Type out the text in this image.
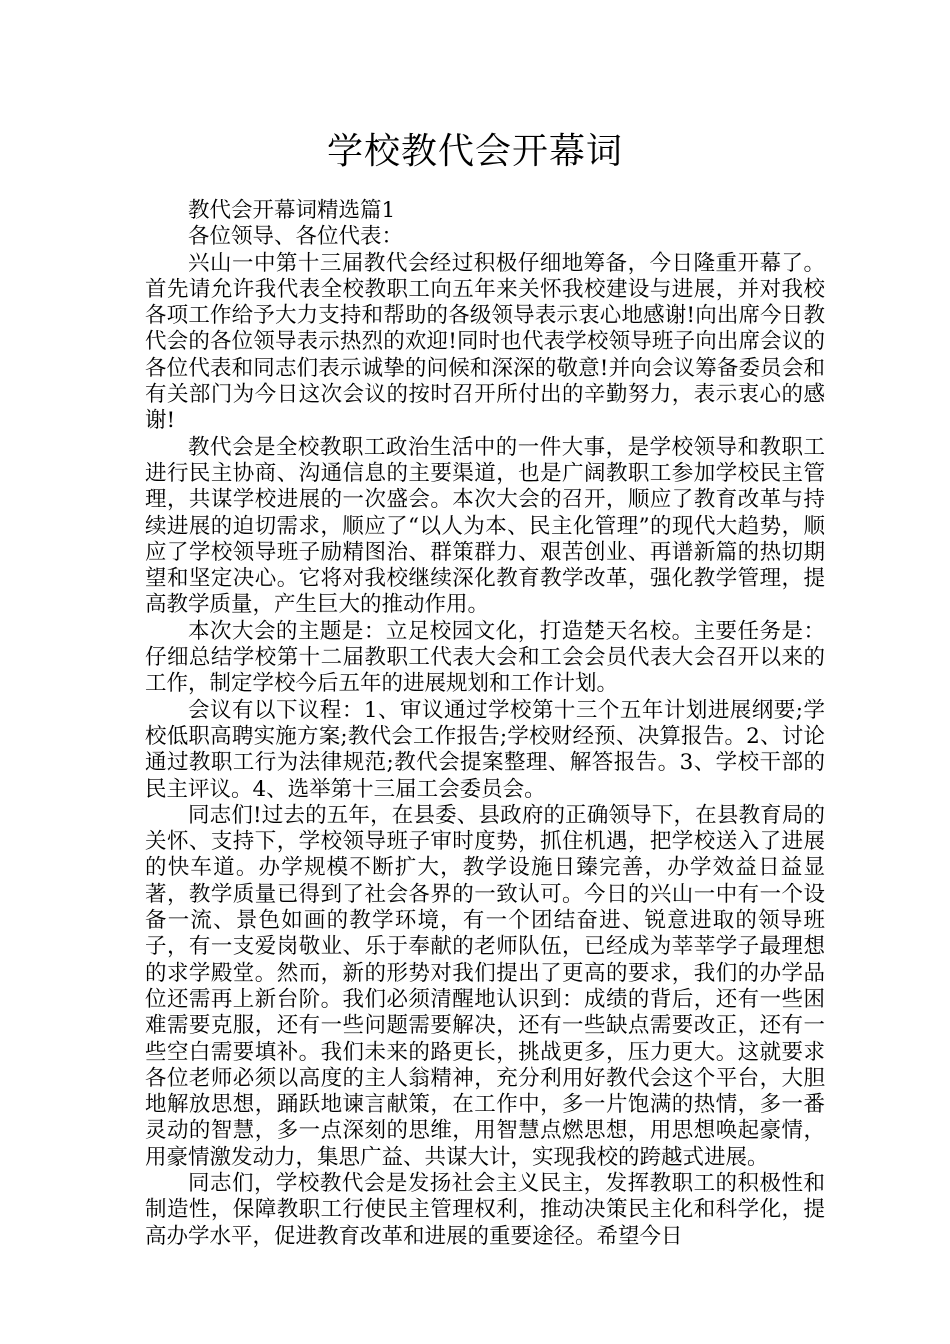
学校教代会开幕词

教代会开幕词精选篇1

各位领导、各位代表：

兴山一中第十三届教代会经过积极仔细地筹备，今日隆重开幕了。首先请允许我代表全校教职工向五年来关怀我校建设与进展，并对我校各项工作给予大力支持和帮助的各级领导表示衷心地感谢!向出席今日教代会的各位领导表示热烈的欢迎!同时也代表学校领导班子向出席会议的各位代表和同志们表示诚挚的问候和深深的敬意!并向会议筹备委员会和有关部门为今日这次会议的按时召开所付出的辛勤努力，表示衷心的感谢!

教代会是全校教职工政治生活中的一件大事，是学校领导和教职工进行民主协商、沟通信息的主要渠道，也是广阔教职工参加学校民主管理，共谋学校进展的一次盛会。本次大会的召开，顺应了教育改革与持续进展的迫切需求，顺应了“以人为本、民主化管理”的现代大趋势，顺应了学校领导班子励精图治、群策群力、艰苦创业、再谱新篇的热切期望和坚定决心。它将对我校继续深化教育教学改革，强化教学管理，提高教学质量，产生巨大的推动作用。

本次大会的主题是：立足校园文化，打造楚天名校。主要任务是：仔细总结学校第十二届教职工代表大会和工会会员代表大会召开以来的工作，制定学校今后五年的进展规划和工作计划。

会议有以下议程：1、审议通过学校第十三个五年计划进展纲要;学校低职高聘实施方案;教代会工作报告;学校财经预、决算报告。2、讨论通过教职工行为法律规范;教代会提案整理、解答报告。3、学校干部的民主评议。4、选举第十三届工会委员会。

同志们!过去的五年，在县委、县政府的正确领导下，在县教育局的关怀、支持下，学校领导班子审时度势，抓住机遇，把学校送入了进展的快车道。办学规模不断扩大，教学设施日臻完善，办学效益日益显著，教学质量已得到了社会各界的一致认可。今日的兴山一中有一个设备一流、景色如画的教学环境，有一个团结奋进、锐意进取的领导班子，有一支爱岗敬业、乐于奉献的老师队伍，已经成为莘莘学子最理想的求学殿堂。然而，新的形势对我们提出了更高的要求，我们的办学品位还需再上新台阶。我们必须清醒地认识到：成绩的背后，还有一些困难需要克服，还有一些问题需要解决，还有一些缺点需要改正，还有一些空白需要填补。我们未来的路更长，挑战更多，压力更大。这就要求各位老师必须以高度的主人翁精神，充分利用好教代会这个平台，大胆地解放思想，踊跃地谏言献策，在工作中，多一片饱满的热情，多一番灵动的智慧，多一点深刻的思维，用智慧点燃思想，用思想唤起豪情，用豪情激发动力，集思广益、共谋大计，实现我校的跨越式进展。

同志们，学校教代会是发扬社会主义民主，发挥教职工的积极性和制造性，保障教职工行使民主管理权利，推动决策民主化和科学化，提高办学水平，促进教育改革和进展的重要途径。希望今日
